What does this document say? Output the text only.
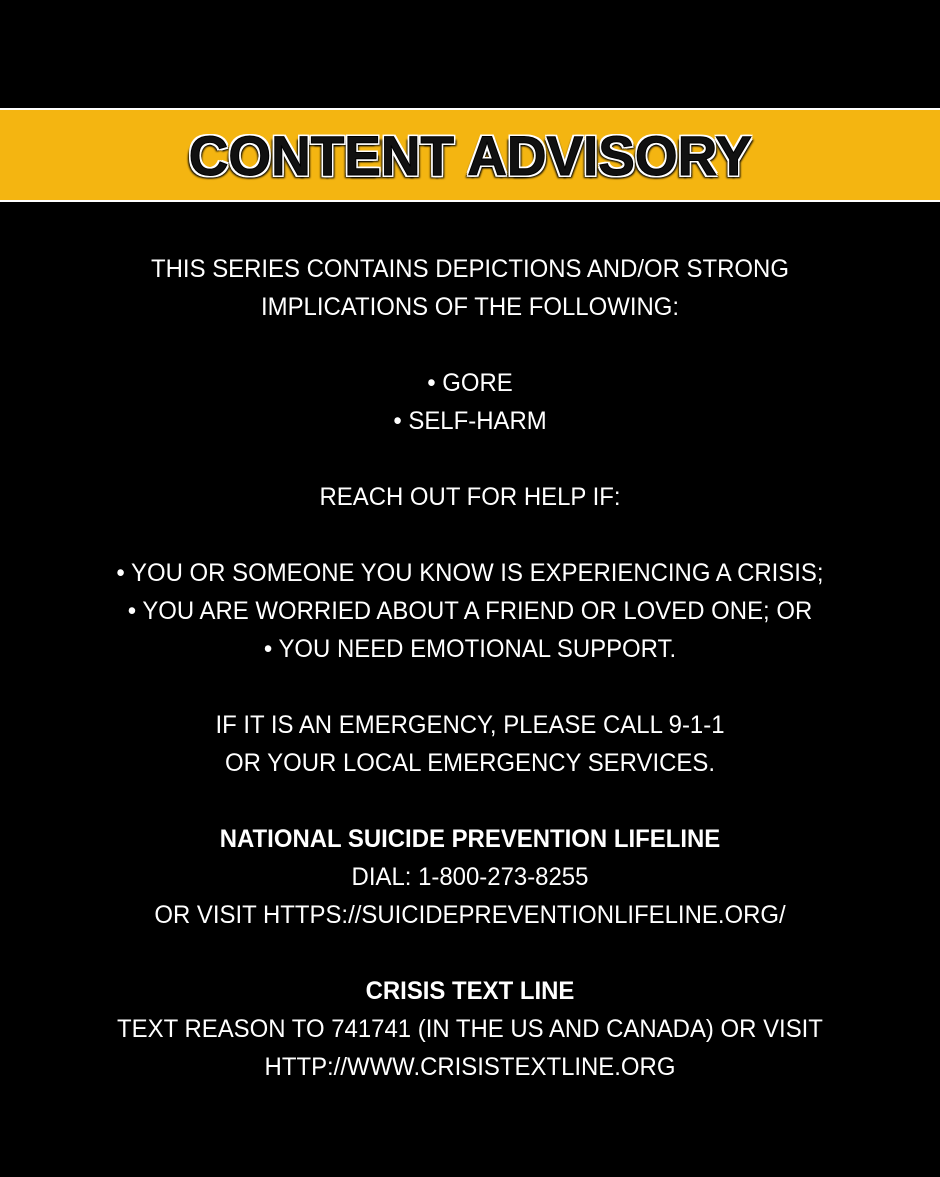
CONTENT ADVISORY
THIS SERIES CONTAINS DEPICTIONS AND/OR STRONG
IMPLICATIONS OF THE FOLLOWING:
• GORE
• SELF-HARM
REACH OUT FOR HELP IF:
• YOU OR SOMEONE YOU KNOW IS EXPERIENCING A CRISIS;
• YOU ARE WORRIED ABOUT A FRIEND OR LOVED ONE; OR
• YOU NEED EMOTIONAL SUPPORT.
IF IT IS AN EMERGENCY, PLEASE CALL 9-1-1
OR YOUR LOCAL EMERGENCY SERVICES.
NATIONAL SUICIDE PREVENTION LIFELINE
DIAL: 1-800-273-8255
OR VISIT HTTPS://SUICIDEPREVENTIONLIFELINE.ORG/
CRISIS TEXT LINE
TEXT REASON TO 741741 (IN THE US AND CANADA) OR VISIT
HTTP://WWW.CRISISTEXTLINE.ORG
